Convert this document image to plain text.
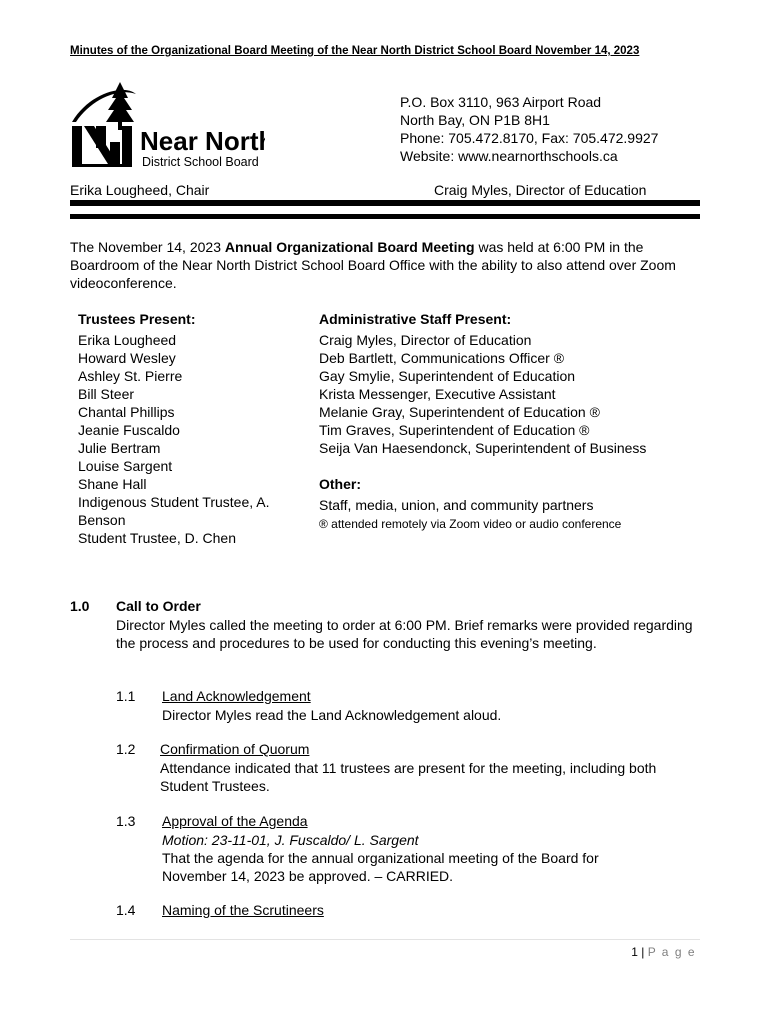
Minutes of the Organizational Board Meeting of the Near North District School Board November 14, 2023
Near North
District School Board
P.O. Box 3110, 963 Airport Road
North Bay, ON P1B 8H1
Phone: 705.472.8170, Fax: 705.472.9927
Website: www.nearnorthschools.ca
Erika Lougheed, Chair	Craig Myles, Director of Education
The November 14, 2023 Annual Organizational Board Meeting was held at 6:00 PM in the Boardroom of the Near North District School Board Office with the ability to also attend over Zoom videoconference.
Trustees Present:
Erika Lougheed
Howard Wesley
Ashley St. Pierre
Bill Steer
Chantal Phillips
Jeanie Fuscaldo
Julie Bertram
Louise Sargent
Shane Hall
Indigenous Student Trustee, A. Benson
Student Trustee, D. Chen
Administrative Staff Present:
Craig Myles, Director of Education
Deb Bartlett, Communications Officer ®
Gay Smylie, Superintendent of Education
Krista Messenger, Executive Assistant
Melanie Gray, Superintendent of Education ®
Tim Graves, Superintendent of Education ®
Seija Van Haesendonck, Superintendent of Business
Other:
Staff, media, union, and community partners
® attended remotely via Zoom video or audio conference
1.0 Call to Order
Director Myles called the meeting to order at 6:00 PM. Brief remarks were provided regarding the process and procedures to be used for conducting this evening’s meeting.
1.1 Land Acknowledgement
Director Myles read the Land Acknowledgement aloud.
1.2 Confirmation of Quorum
Attendance indicated that 11 trustees are present for the meeting, including both Student Trustees.
1.3 Approval of the Agenda
Motion: 23-11-01, J. Fuscaldo/ L. Sargent
That the agenda for the annual organizational meeting of the Board for November 14, 2023 be approved. – CARRIED.
1.4 Naming of the Scrutineers
1 | P a g e
